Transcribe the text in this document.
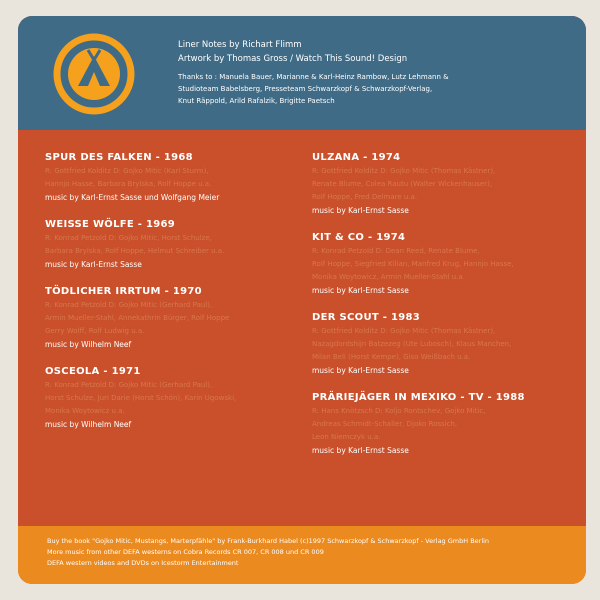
Liner Notes by Richart Flimm
Artwork by Thomas Gross / Watch This Sound! Design
Thanks to : Manuela Bauer, Marianne & Karl-Heinz Rambow, Lutz Lehmann &
Studioteam Babelsberg, Presseteam Schwarzkopf & Schwarzkopf-Verlag,
Knut Räppold, Arild Rafalzik, Brigitte Paetsch
SPUR DES FALKEN - 1968
R: Gottfried Kolditz D: Gojko Mitic (Karl Sturm),
Hannjo Hasse, Barbara Brylska, Rolf Hoppe u.a.
music by Karl-Ernst Sasse und Wolfgang Meier
WEISSE WÖLFE - 1969
R: Konrad Petzold D: Gojko Mitic, Horst Schulze,
Barbara Brylska, Rolf Hoppe, Helmut Schreiber u.a.
music by Karl-Ernst Sasse
TÖDLICHER IRRTUM - 1970
R: Konrad Petzold D: Gojko Mitic (Gerhard Paul),
Armin Mueller-Stahl, Annekathrin Bürger, Rolf Hoppe
Gerry Wolff, Rolf Ludwig u.a.
music by Wilhelm Neef
OSCEOLA - 1971
R: Konrad Petzold D: Gojko Mitic (Gerhard Paul),
Horst Schulze, Juri Darie (Horst Schön), Karin Ugowski,
Monika Woytowicz u.a.
music by Wilhelm Neef
ULZANA - 1974
R: Gottfried Kolditz D: Gojko Mitic (Thomas Kästner),
Renate Blume, Colea Rautu (Walter Wickenhauser),
Rolf Hoppe, Fred Delmare u.a.
music by Karl-Ernst Sasse
KIT & CO - 1974
R: Konrad Petzold D: Dean Reed, Renate Blume,
Rolf Hoppe, Siegfried Kilian, Manfred Krug, Hannjo Hasse,
Monika Woytowicz, Armin Mueller-Stahl u.a.
music by Karl-Ernst Sasse
DER SCOUT - 1983
R: Gottfried Kolditz D: Gojko Mitic (Thomas Kästner),
Nazagdordshijn Batzezeg (Ute Lubosch), Klaus Manchen,
Milan Beli (Horst Kempe), Giso Weißbach u.a.
music by Karl-Ernst Sasse
PRÄRIEJÄGER IN MEXIKO - TV - 1988
R: Hans Knötzsch D: Koljo Rontschev, Gojko Mitic,
Andreas Schmidt-Schaller, Djoko Rossich,
Leon Niemczyk u.a.
music by Karl-Ernst Sasse
Buy the book "Gojko Mitic, Mustangs, Marterpfähle" by Frank-Burkhard Habel (c)1997 Schwarzkopf & Schwarzkopf - Verlag GmbH Berlin
More music from other DEFA westerns on Cobra Records CR 007, CR 008 und CR 009
DEFA western videos and DVDs on Icestorm Entertainment
